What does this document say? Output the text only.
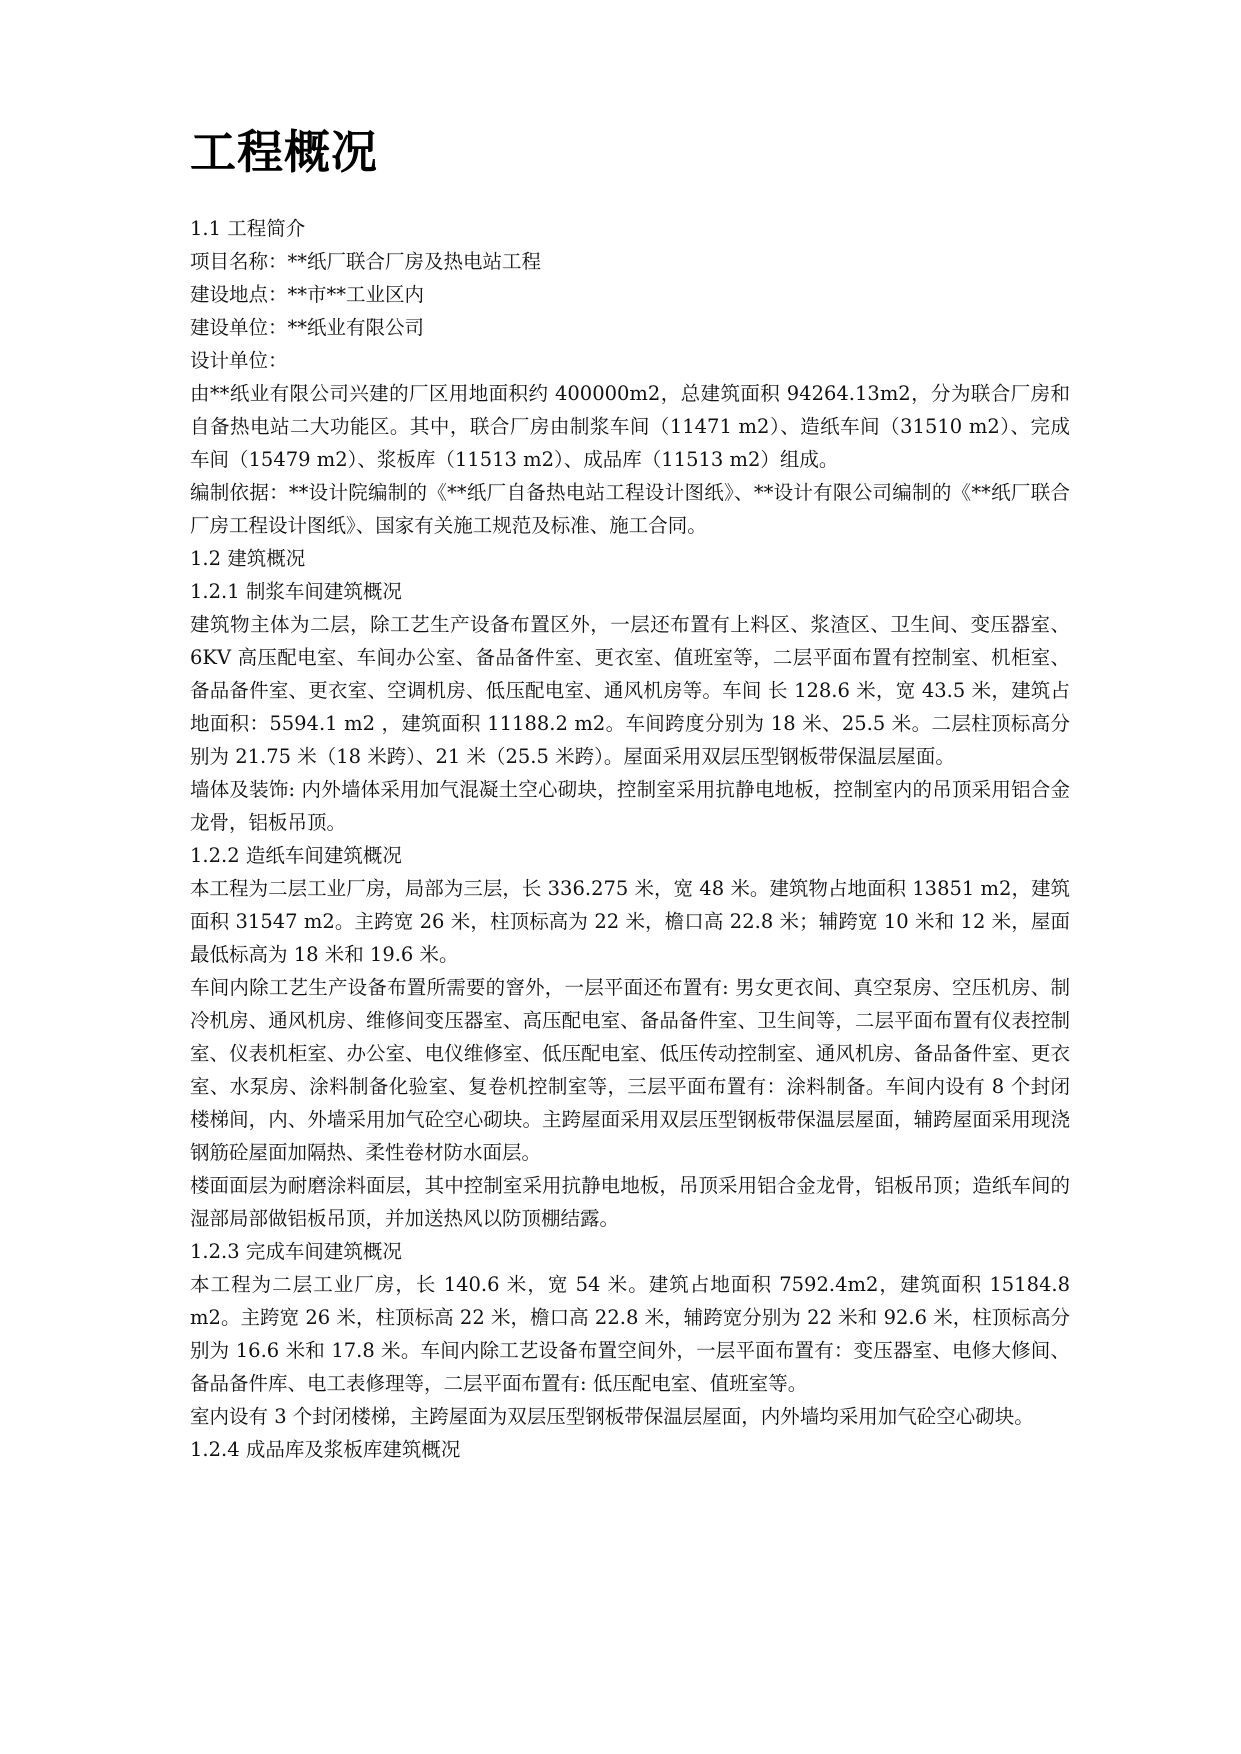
工程概况

1.1 工程简介

项目名称：**纸厂联合厂房及热电站工程

建设地点：**市**工业区内

建设单位：**纸业有限公司

设计单位：

由**纸业有限公司兴建的厂区用地面积约 400000m2，总建筑面积 94264.13m2，分为联合厂房和自备热电站二大功能区。其中，联合厂房由制浆车间（11471 m2）、造纸车间（31510 m2）、完成车间（15479 m2）、浆板库（11513 m2）、成品库（11513 m2）组成。

编制依据：**设计院编制的《**纸厂自备热电站工程设计图纸》、**设计有限公司编制的《**纸厂联合厂房工程设计图纸》、国家有关施工规范及标准、施工合同。

1.2 建筑概况

1.2.1 制浆车间建筑概况

建筑物主体为二层，除工艺生产设备布置区外，一层还布置有上料区、浆渣区、卫生间、变压器室、6KV 高压配电室、车间办公室、备品备件室、更衣室、值班室等，二层平面布置有控制室、机柜室、备品备件室、更衣室、空调机房、低压配电室、通风机房等。车间 长 128.6 米，宽 43.5 米，建筑占地面积：5594.1 m2 ，建筑面积 11188.2 m2。车间跨度分别为 18 米、25.5 米。二层柱顶标高分别为 21.75 米（18 米跨）、21 米（25.5 米跨）。屋面采用双层压型钢板带保温层屋面。

墙体及装饰: 内外墙体采用加气混凝土空心砌块，控制室采用抗静电地板，控制室内的吊顶采用铝合金龙骨，铝板吊顶。

1.2.2 造纸车间建筑概况

本工程为二层工业厂房，局部为三层，长 336.275 米，宽 48 米。建筑物占地面积 13851 m2，建筑面积 31547 m2。主跨宽 26 米，柱顶标高为 22 米，檐口高 22.8 米；辅跨宽 10 米和 12 米，屋面最低标高为 18 米和 19.6 米。

车间内除工艺生产设备布置所需要的窨外，一层平面还布置有: 男女更衣间、真空泵房、空压机房、制冷机房、通风机房、维修间变压器室、高压配电室、备品备件室、卫生间等，二层平面布置有仪表控制室、仪表机柜室、办公室、电仪维修室、低压配电室、低压传动控制室、通风机房、备品备件室、更衣室、水泵房、涂料制备化验室、复卷机控制室等，三层平面布置有：涂料制备。车间内设有 8 个封闭楼梯间，内、外墙采用加气砼空心砌块。主跨屋面采用双层压型钢板带保温层屋面，辅跨屋面采用现浇钢筋砼屋面加隔热、柔性卷材防水面层。

楼面面层为耐磨涂料面层，其中控制室采用抗静电地板，吊顶采用铝合金龙骨，铝板吊顶；造纸车间的湿部局部做铝板吊顶，并加送热风以防顶棚结露。

1.2.3 完成车间建筑概况

本工程为二层工业厂房，长 140.6 米，宽 54 米。建筑占地面积 7592.4m2，建筑面积 15184.8 m2。主跨宽 26 米，柱顶标高 22 米，檐口高 22.8 米，辅跨宽分别为 22 米和 92.6 米，柱顶标高分别为 16.6 米和 17.8 米。车间内除工艺设备布置空间外，一层平面布置有：变压器室、电修大修间、备品备件库、电工表修理等，二层平面布置有: 低压配电室、值班室等。

室内设有 3 个封闭楼梯，主跨屋面为双层压型钢板带保温层屋面，内外墙均采用加气砼空心砌块。

1.2.4 成品库及浆板库建筑概况
